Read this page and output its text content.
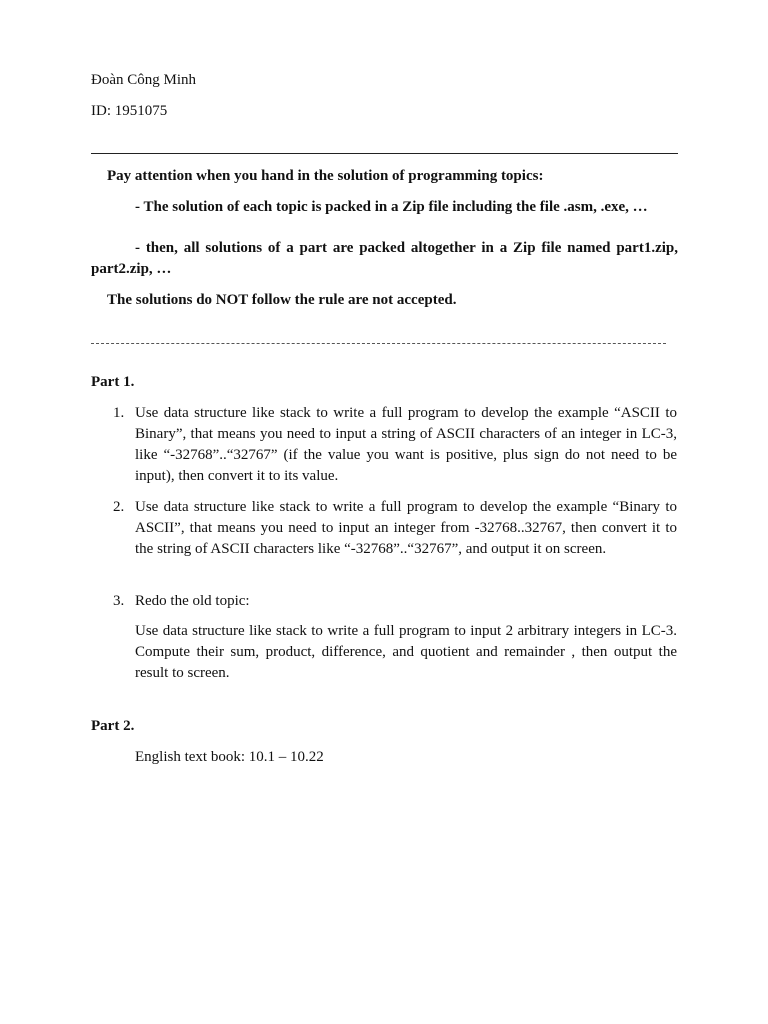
Đoàn Công Minh
ID: 1951075
Pay attention when you hand in the solution of programming topics:
- The solution of each topic is packed in a Zip file including the file .asm, .exe, …
- then, all solutions of a part are packed altogether in a Zip file named part1.zip, part2.zip, …
The solutions do NOT follow the rule are not accepted.
Part 1.
1. Use data structure like stack to write a full program to develop the example “ASCII to Binary”, that means you need to input a string of ASCII characters of an integer in LC-3, like “-32768”..“32767” (if the value you want is positive, plus sign do not need to be input), then convert it to its value.
2. Use data structure like stack to write a full program to develop the example “Binary to ASCII”, that means you need to input an integer from -32768..32767, then convert it to the string of ASCII characters like “-32768”..“32767”, and output it on screen.
3. Redo the old topic:
Use data structure like stack to write a full program to input 2 arbitrary integers in LC-3. Compute their sum, product, difference, and quotient and remainder , then output the result to screen.
Part 2.
English text book: 10.1 – 10.22
